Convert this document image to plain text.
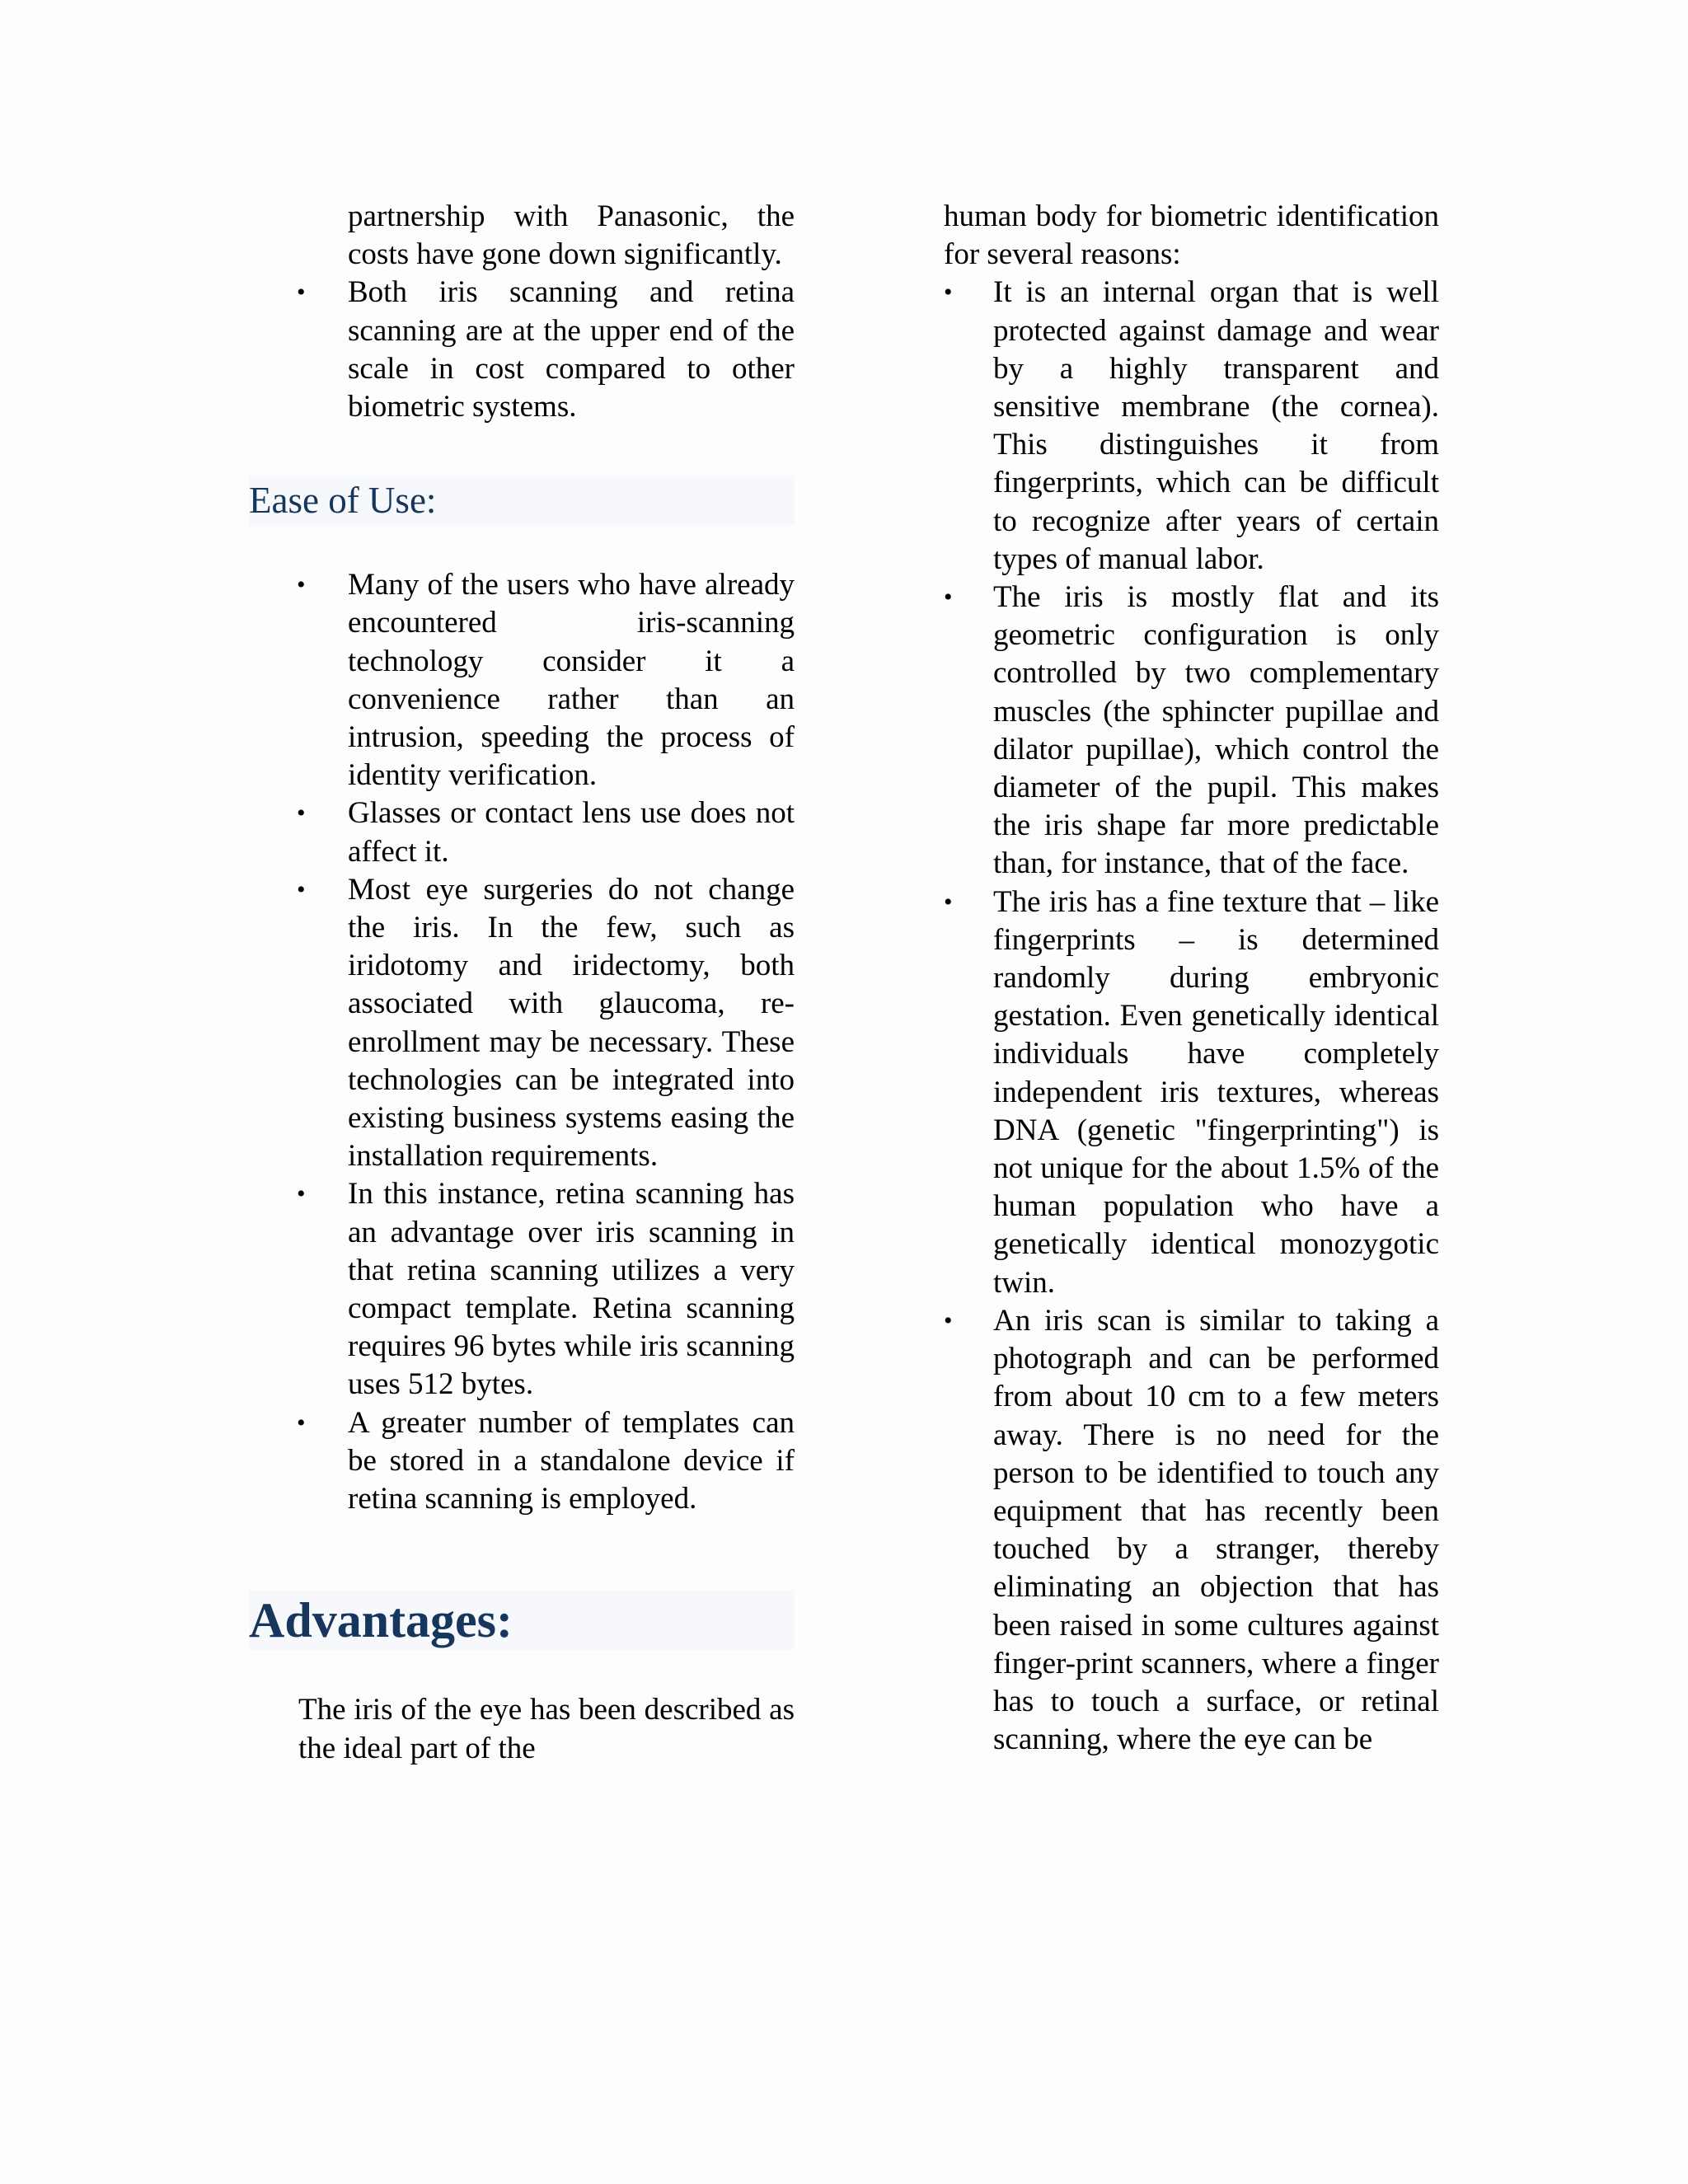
partnership with Panasonic, the costs have gone down significantly.

• Both iris scanning and retina scanning are at the upper end of the scale in cost compared to other biometric systems.
Ease of Use:
• Many of the users who have already encountered iris-scanning technology consider it a convenience rather than an intrusion, speeding the process of identity verification.
• Glasses or contact lens use does not affect it.
• Most eye surgeries do not change the iris. In the few, such as iridotomy and iridectomy, both associated with glaucoma, re-enrollment may be necessary. These technologies can be integrated into existing business systems easing the installation requirements.
• In this instance, retina scanning has an advantage over iris scanning in that retina scanning utilizes a very compact template. Retina scanning requires 96 bytes while iris scanning uses 512 bytes.
• A greater number of templates can be stored in a standalone device if retina scanning is employed.
Advantages:

The iris of the eye has been described as the ideal part of the

human body for biometric identification for several reasons:

• It is an internal organ that is well protected against damage and wear by a highly transparent and sensitive membrane (the cornea). This distinguishes it from fingerprints, which can be difficult to recognize after years of certain types of manual labor.
• The iris is mostly flat and its geometric configuration is only controlled by two complementary muscles (the sphincter pupillae and dilator pupillae), which control the diameter of the pupil. This makes the iris shape far more predictable than, for instance, that of the face.
• The iris has a fine texture that – like fingerprints – is determined randomly during embryonic gestation. Even genetically identical individuals have completely independent iris textures, whereas DNA (genetic "fingerprinting") is not unique for the about 1.5% of the human population who have a genetically identical monozygotic twin.
• An iris scan is similar to taking a photograph and can be performed from about 10 cm to a few meters away. There is no need for the person to be identified to touch any equipment that has recently been touched by a stranger, thereby eliminating an objection that has been raised in some cultures against finger-print scanners, where a finger has to touch a surface, or retinal scanning, where the eye can be
